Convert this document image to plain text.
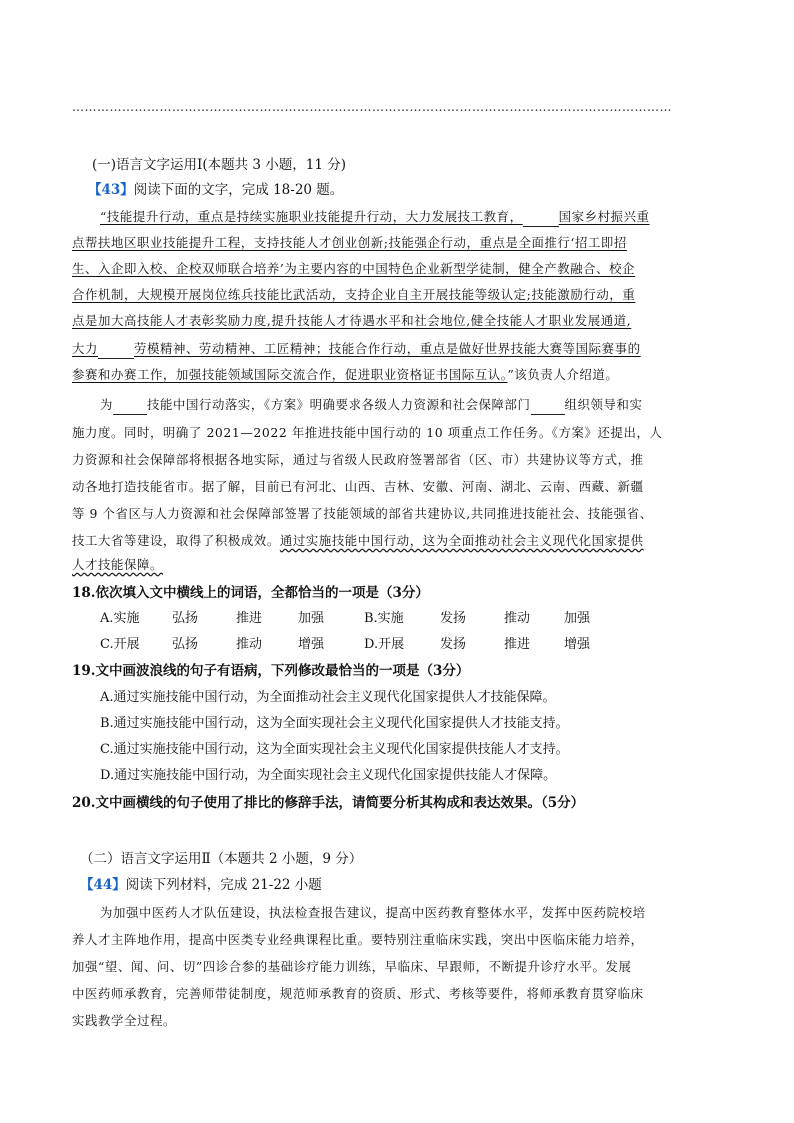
………………………………………………………………………………………………………………………………
(一)语言文字运用Ⅰ(本题共 3 小题，11 分)
【43】阅读下面的文字，完成 18-20 题。
“技能提升行动，重点是持续实施职业技能提升行动，大力发展技工教育，	国家乡村振兴重
点帮扶地区职业技能提升工程，支持技能人才创业创新;技能强企行动，重点是全面推行‘招工即招
生、入企即入校、企校双师联合培养’为主要内容的中国特色企业新型学徒制，健全产教融合、校企
合作机制，大规模开展岗位练兵技能比武活动，支持企业自主开展技能等级认定;技能激励行动，重
点是加大高技能人才表彰奖励力度,提升技能人才待遇水平和社会地位,健全技能人才职业发展通道,
大力	劳模精神、劳动精神、工匠精神；技能合作行动，重点是做好世界技能大赛等国际赛事的
参赛和办赛工作，加强技能领域国际交流合作，促进职业资格证书国际互认。”该负责人介绍道。
为	技能中国行动落实，《方案》明确要求各级人力资源和社会保障部门	组织领导和实
施力度。同时，明确了 2021—2022 年推进技能中国行动的 10 项重点工作任务。《方案》还提出，人
力资源和社会保障部将根据各地实际，通过与省级人民政府签署部省（区、市）共建协议等方式，推
动各地打造技能省市。据了解，目前已有河北、山西、吉林、安徽、河南、湖北、云南、西藏、新疆
等 9 个省区与人力资源和社会保障部签署了技能领域的部省共建协议,共同推进技能社会、技能强省、
技工大省等建设，取得了积极成效。通过实施技能中国行动，这为全面推动社会主义现代化国家提供
人才技能保障。
18.依次填入文中横线上的词语，全都恰当的一项是（3分）
A.实施	弘扬	推进	加强	B.实施	发扬	推动	加强
C.开展	弘扬	推动	增强	D.开展	发扬	推进	增强
19.文中画波浪线的句子有语病，下列修改最恰当的一项是（3分）
A.通过实施技能中国行动，为全面推动社会主义现代化国家提供人才技能保障。
B.通过实施技能中国行动，这为全面实现社会主义现代化国家提供人才技能支持。
C.通过实施技能中国行动，这为全面实现社会主义现代化国家提供技能人才支持。
D.通过实施技能中国行动，为全面实现社会主义现代化国家提供技能人才保障。
20.文中画横线的句子使用了排比的修辞手法，请简要分析其构成和表达效果。（5分）
（二）语言文字运用Ⅱ（本题共 2 小题，9 分）
【44】阅读下列材料，完成 21-22 小题
为加强中医药人才队伍建设，执法检查报告建议，提高中医药教育整体水平，发挥中医药院校培
养人才主阵地作用，提高中医类专业经典课程比重。要特别注重临床实践，突出中医临床能力培养，
加强“望、闻、问、切”四诊合参的基础诊疗能力训练，早临床、早跟师，不断提升诊疗水平。发展
中医药师承教育，完善师带徒制度，规范师承教育的资质、形式、考核等要件，将师承教育贯穿临床
实践教学全过程。
